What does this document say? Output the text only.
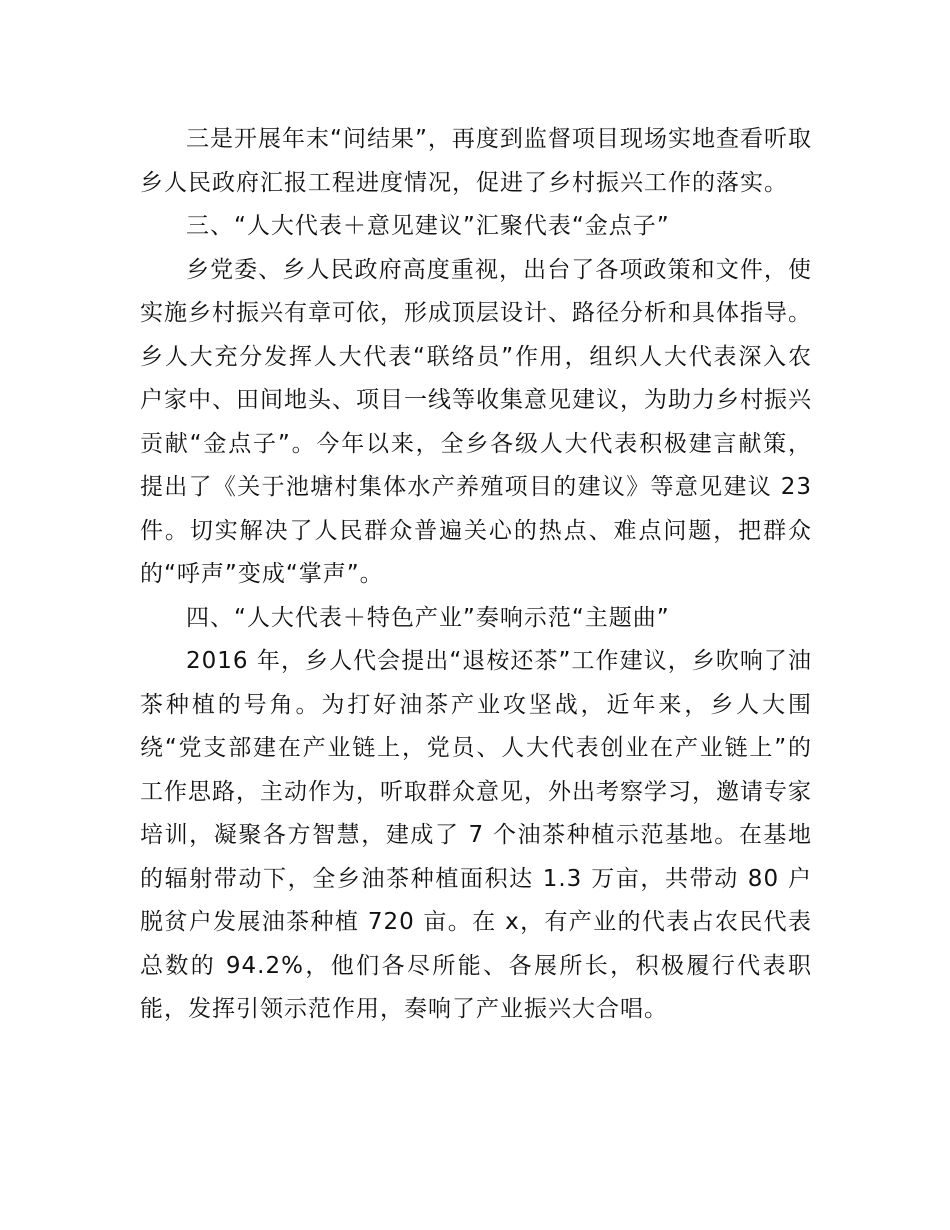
三是开展年末“问结果”，再度到监督项目现场实地查看听取乡人民政府汇报工程进度情况，促进了乡村振兴工作的落实。

三、“人大代表＋意见建议”汇聚代表“金点子”

乡党委、乡人民政府高度重视，出台了各项政策和文件，使实施乡村振兴有章可依，形成顶层设计、路径分析和具体指导。乡人大充分发挥人大代表“联络员”作用，组织人大代表深入农户家中、田间地头、项目一线等收集意见建议，为助力乡村振兴贡献“金点子”。今年以来，全乡各级人大代表积极建言献策，提出了《关于池塘村集体水产养殖项目的建议》等意见建议 23 件。切实解决了人民群众普遍关心的热点、难点问题，把群众的“呼声”变成“掌声”。

四、“人大代表＋特色产业”奏响示范“主题曲”

2016 年，乡人代会提出“退桉还茶”工作建议，乡吹响了油茶种植的号角。为打好油茶产业攻坚战，近年来，乡人大围绕“党支部建在产业链上，党员、人大代表创业在产业链上”的工作思路，主动作为，听取群众意见，外出考察学习，邀请专家培训，凝聚各方智慧，建成了 7 个油茶种植示范基地。在基地的辐射带动下，全乡油茶种植面积达 1.3 万亩，共带动 80 户脱贫户发展油茶种植 720 亩。在 x，有产业的代表占农民代表总数的 94.2%，他们各尽所能、各展所长，积极履行代表职能，发挥引领示范作用，奏响了产业振兴大合唱。
